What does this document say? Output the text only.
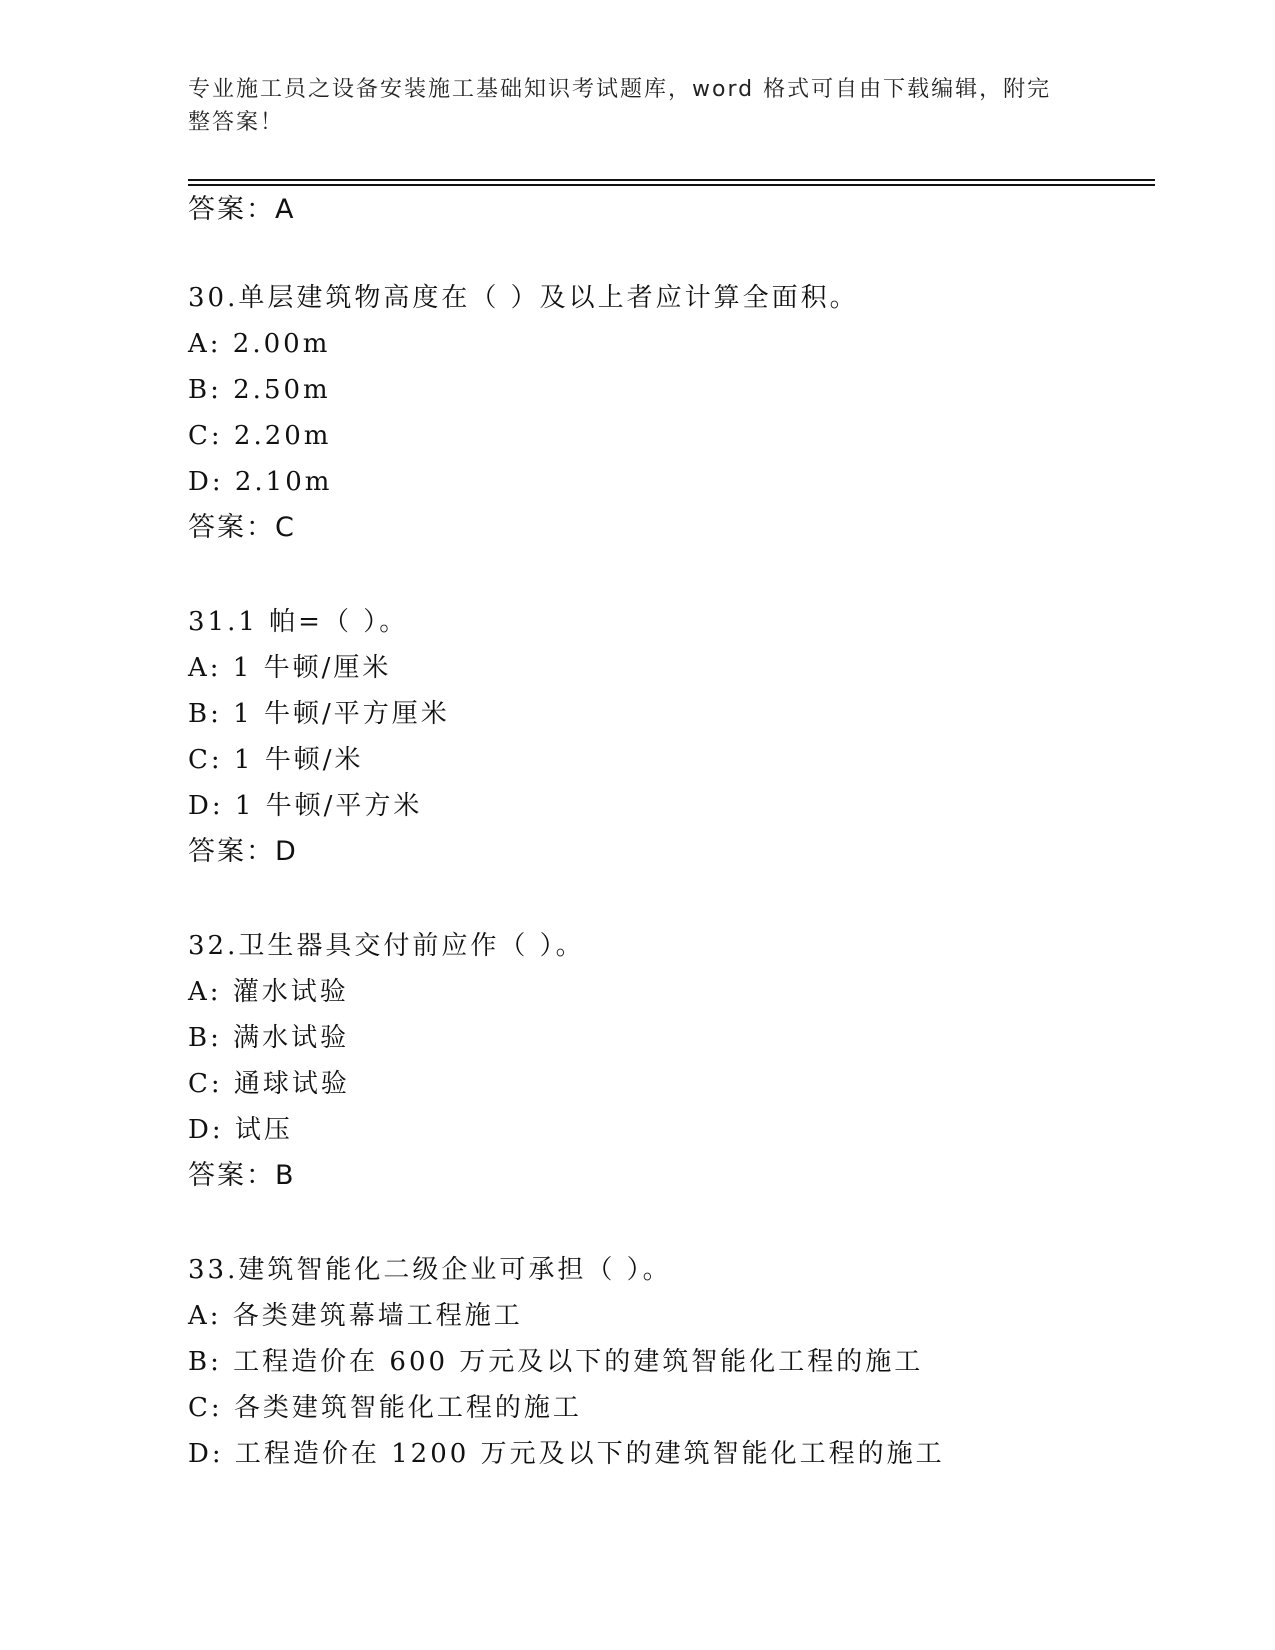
专业施工员之设备安装施工基础知识考试题库，word 格式可自由下载编辑，附完
整答案！
答案：A
30.单层建筑物高度在（ ）及以上者应计算全面积。
A: 2.00m
B: 2.50m
C: 2.20m
D: 2.10m
答案：C
31.1 帕=（ ）。
A: 1 牛顿/厘米
B: 1 牛顿/平方厘米
C: 1 牛顿/米
D: 1 牛顿/平方米
答案：D
32.卫生器具交付前应作（ ）。
A: 灌水试验
B: 满水试验
C: 通球试验
D: 试压
答案：B
33.建筑智能化二级企业可承担（ ）。
A: 各类建筑幕墙工程施工
B: 工程造价在 600 万元及以下的建筑智能化工程的施工
C: 各类建筑智能化工程的施工
D: 工程造价在 1200 万元及以下的建筑智能化工程的施工
